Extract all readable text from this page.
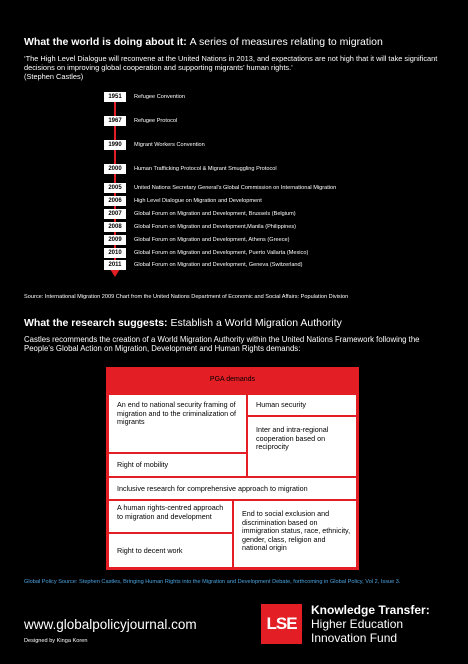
What the world is doing about it: A series of measures relating to migration
‘The High Level Dialogue will reconvene at the United Nations in 2013, and expectations are not high that it will take significant decisions on improving global cooperation and supporting migrants’ human rights.’
(Stephen Castles)
1951	Refugee Convention
1967	Refugee Protocol
1990	Migrant Workers Convention
2000	Human Trafficking Protocol & Migrant Smuggling Protocol
2005	United Nations Secretary General's Global Commission on International Migration
2006	High Level Dialogue on Migration and Development
2007	Global Forum on Migration and Development, Brussels (Belgium)
2008	Global Forum on Migration and Development,Manila (Philippines)
2009	Global Forum on Migration and Development, Athens (Greece)
2010	Global Forum on Migration and Development, Puerto Vallarta (Mexico)
2011	Global Forum on Migration and Development, Geneva (Switzerland)
Source: International Migration 2009 Chart from the United Nations Department of Economic and Social Affairs: Population Division
What the research suggests: Establish a World Migration Authority
Castles recommends the creation of a World Migration Authority within the United Nations Framework following the People’s Global Action on Migration, Development and Human Rights demands:
PGA demands
An end to national security framing of migration and to the criminalization of migrants
Right of mobility
Human security
Inter and intra-regional cooperation based on reciprocity
Inclusive research for comprehensive approach to migration
A human rights-centred approach to migration and development
Right to decent work
End to social exclusion and discrimination based on immigration status, race, ethnicity, gender, class, religion and national origin
Global Policy Source: Stephen Castles, Bringing Human Rights into the Migration and Development Debate, forthcoming in Global Policy, Vol 2, Issue 3.
www.globalpolicyjournal.com
Designed by Kinga Koren
LSE
Knowledge Transfer:
Higher Education
Innovation Fund
